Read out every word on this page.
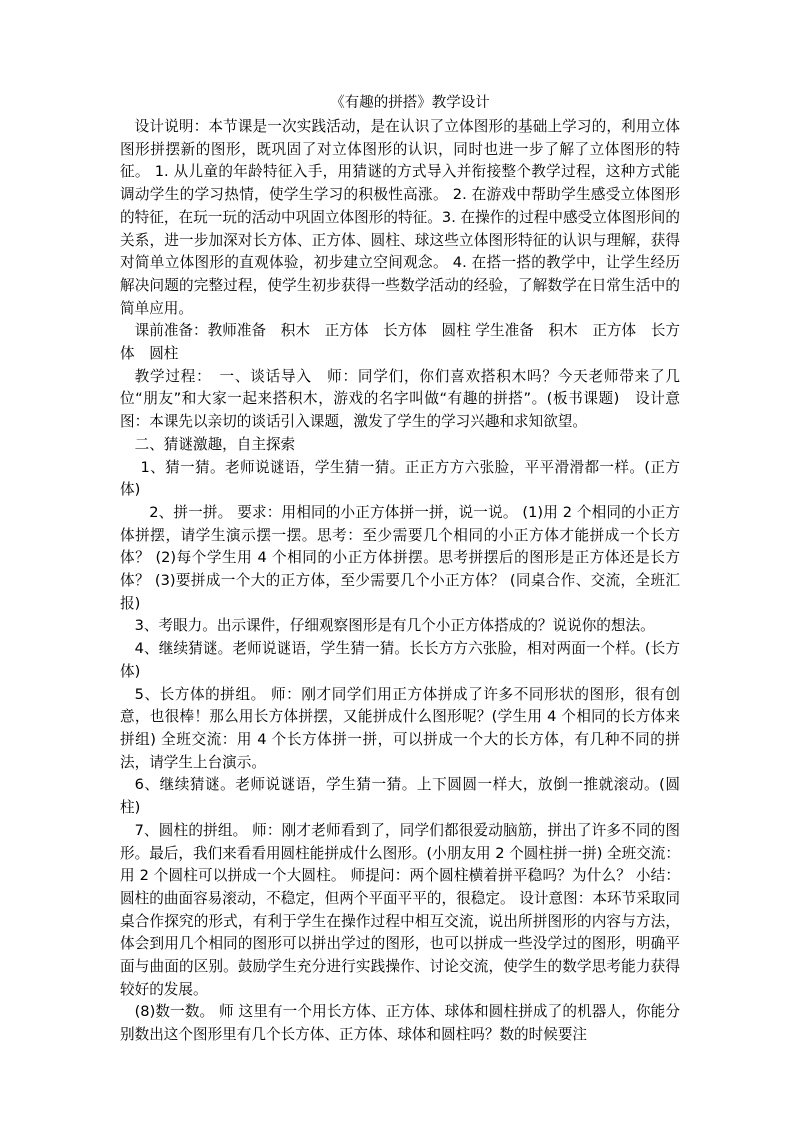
《有趣的拼搭》教学设计

设计说明：本节课是一次实践活动，是在认识了立体图形的基础上学习的，利用立体图形拼摆新的图形，既巩固了对立体图形的认识，同时也进一步了解了立体图形的特征。 1. 从儿童的年龄特征入手，用猜谜的方式导入并衔接整个教学过程，这种方式能调动学生的学习热情，使学生学习的积极性高涨。 2. 在游戏中帮助学生感受立体图形的特征，在玩一玩的活动中巩固立体图形的特征。3. 在操作的过程中感受立体图形间的关系，进一步加深对长方体、正方体、圆柱、球这些立体图形特征的认识与理解，获得对简单立体图形的直观体验，初步建立空间观念。 4. 在搭一搭的教学中，让学生经历解决问题的完整过程，使学生初步获得一些数学活动的经验，了解数学在日常生活中的简单应用。

课前准备：教师准备　积木　正方体　长方体　圆柱 学生准备　积木　正方体　长方体　圆柱

教学过程：　一、谈话导入　师：同学们，你们喜欢搭积木吗？今天老师带来了几位“朋友”和大家一起来搭积木，游戏的名字叫做“有趣的拼搭”。(板书课题)　设计意图：本课先以亲切的谈话引入课题，激发了学生的学习兴趣和求知欲望。

二、猜谜激趣，自主探索

1、猜一猜。老师说谜语，学生猜一猜。正正方方六张脸，平平滑滑都一样。(正方体)

2、拼一拼。 要求：用相同的小正方体拼一拼，说一说。 (1)用 2 个相同的小正方体拼摆，请学生演示摆一摆。思考：至少需要几个相同的小正方体才能拼成一个长方体？ (2)每个学生用 4 个相同的小正方体拼摆。思考拼摆后的图形是正方体还是长方体？ (3)要拼成一个大的正方体，至少需要几个小正方体？ (同桌合作、交流，全班汇报)

3、考眼力。出示课件，仔细观察图形是有几个小正方体搭成的？说说你的想法。

4、继续猜谜。老师说谜语，学生猜一猜。长长方方六张脸，相对两面一个样。(长方体)

5、长方体的拼组。 师：刚才同学们用正方体拼成了许多不同形状的图形，很有创意，也很棒！那么用长方体拼摆，又能拼成什么图形呢？(学生用 4 个相同的长方体来拼组) 全班交流：用 4 个长方体拼一拼，可以拼成一个大的长方体，有几种不同的拼法，请学生上台演示。

6、继续猜谜。老师说谜语，学生猜一猜。上下圆圆一样大，放倒一推就滚动。(圆柱)

7、圆柱的拼组。 师：刚才老师看到了，同学们都很爱动脑筋，拼出了许多不同的图形。最后，我们来看看用圆柱能拼成什么图形。(小朋友用 2 个圆柱拼一拼) 全班交流：用 2 个圆柱可以拼成一个大圆柱。 师提问：两个圆柱横着拼平稳吗？为什么？ 小结：圆柱的曲面容易滚动，不稳定，但两个平面平平的，很稳定。 设计意图：本环节采取同桌合作探究的形式，有利于学生在操作过程中相互交流，说出所拼图形的内容与方法，体会到用几个相同的图形可以拼出学过的图形，也可以拼成一些没学过的图形，明确平面与曲面的区别。鼓励学生充分进行实践操作、讨论交流，使学生的数学思考能力获得较好的发展。

(8)数一数。 师 这里有一个用长方体、正方体、球体和圆柱拼成了的机器人，你能分别数出这个图形里有几个长方体、正方体、球体和圆柱吗？数的时候要注
